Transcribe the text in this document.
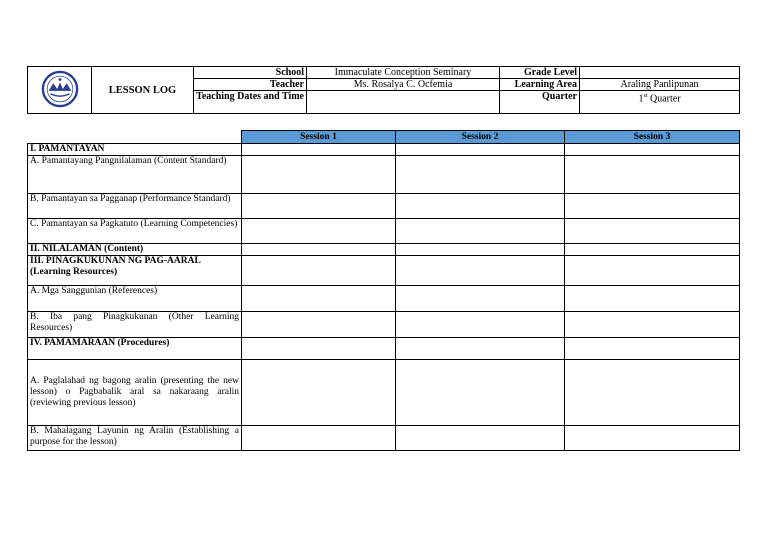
	LESSON LOG	School	Immaculate Conception Seminary	Grade Level	
		Teacher	Ms. Rosalya C. Ocfemia	Learning Area	Araling Panlipunan
		Teaching Dates and Time		Quarter	1st Quarter
	Session 1	Session 2	Session 3
I. PAMANTAYAN			
A. Pamantayang Pangnilalaman (Content Standard)			
B. Pamantayan sa Pagganap (Performance Standard)			
C. Pamantayan sa Pagkatuto (Learning Competencies)			
II. NILALAMAN (Content)			
III. PINAGKUKUNAN NG PAG-AARAL (Learning Resources)			
A. Mga Sanggunian (References)			
B. Iba pang Pinagkukunan (Other Learning Resources)			
IV. PAMAMARAAN (Procedures)			
A. Paglalahad ng bagong aralin (presenting the new lesson) o Pagbabalik aral sa nakaraang aralin (reviewing previous lesson)			
B. Mahalagang Layunin ng Aralin (Establishing a purpose for the lesson)			
